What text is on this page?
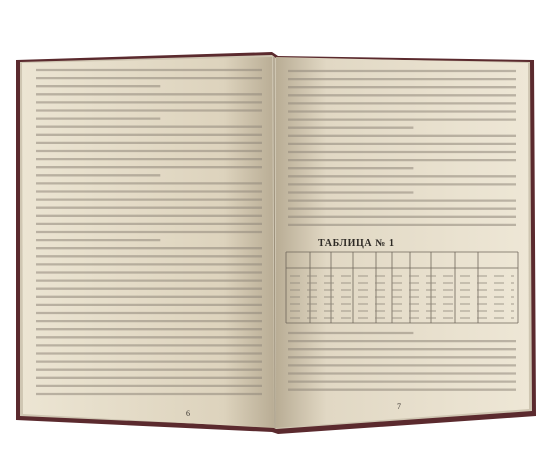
6
7
ТАБЛИЦА № 1
